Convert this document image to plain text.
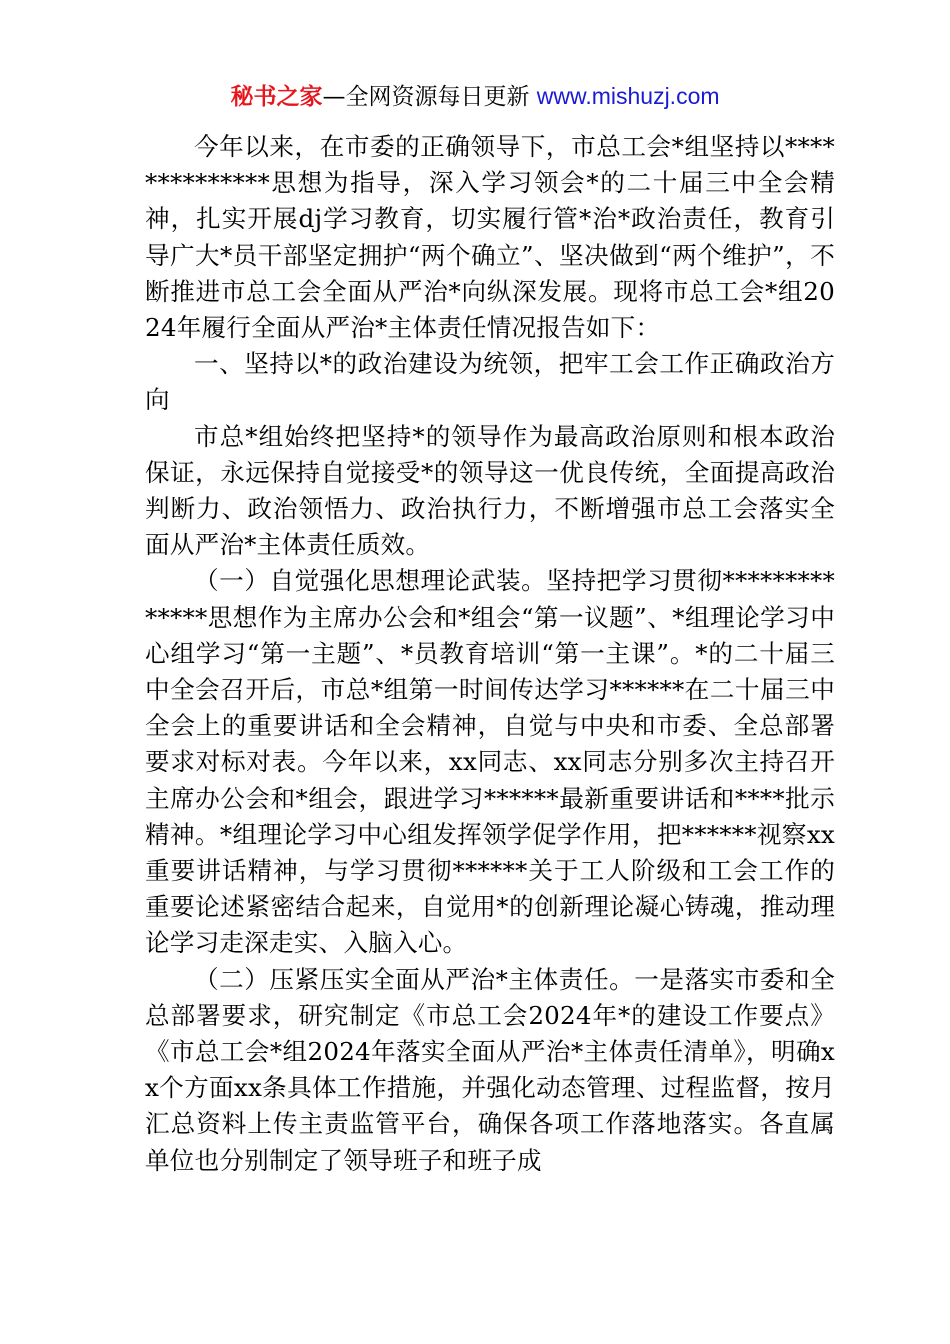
秘书之家—全网资源每日更新 www.mishuzj.com

今年以来，在市委的正确领导下，市总工会*组坚持以**************思想为指导，深入学习领会*的二十届三中全会精神，扎实开展dj学习教育，切实履行管*治*政治责任，教育引导广大*员干部坚定拥护“两个确立”、坚决做到“两个维护”，不断推进市总工会全面从严治*向纵深发展。现将市总工会*组2024年履行全面从严治*主体责任情况报告如下：

一、坚持以*的政治建设为统领，把牢工会工作正确政治方向

市总*组始终把坚持*的领导作为最高政治原则和根本政治保证，永远保持自觉接受*的领导这一优良传统，全面提高政治判断力、政治领悟力、政治执行力，不断增强市总工会落实全面从严治*主体责任质效。

（一）自觉强化思想理论武装。坚持把学习贯彻**************思想作为主席办公会和*组会“第一议题”、*组理论学习中心组学习“第一主题”、*员教育培训“第一主课”。*的二十届三中全会召开后，市总*组第一时间传达学习******在二十届三中全会上的重要讲话和全会精神，自觉与中央和市委、全总部署要求对标对表。今年以来，xx同志、xx同志分别多次主持召开主席办公会和*组会，跟进学习******最新重要讲话和****批示精神。*组理论学习中心组发挥领学促学作用，把******视察xx重要讲话精神，与学习贯彻******关于工人阶级和工会工作的重要论述紧密结合起来，自觉用*的创新理论凝心铸魂，推动理论学习走深走实、入脑入心。

（二）压紧压实全面从严治*主体责任。一是落实市委和全总部署要求，研究制定《市总工会2024年*的建设工作要点》《市总工会*组2024年落实全面从严治*主体责任清单》，明确xx个方面xx条具体工作措施，并强化动态管理、过程监督，按月汇总资料上传主责监管平台，确保各项工作落地落实。各直属单位也分别制定了领导班子和班子成
